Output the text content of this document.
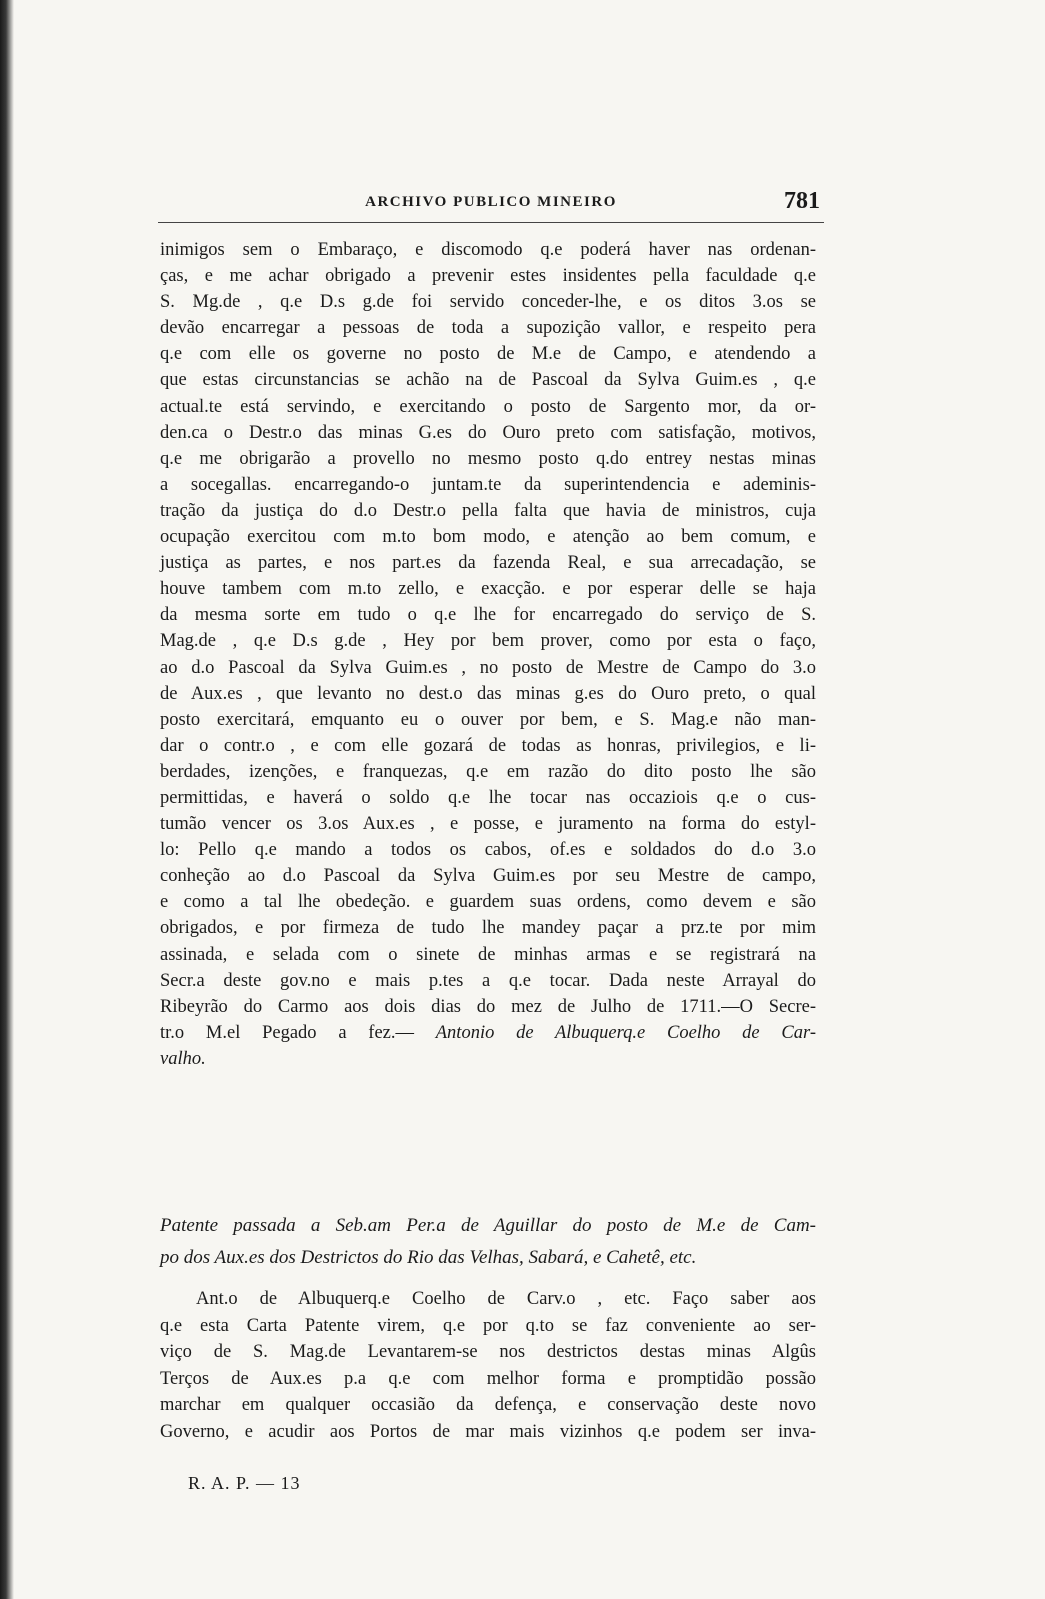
ARCHIVO PUBLICO MINEIRO	781
inimigos sem o Embaraço, e discomodo q.e poderá haver nas ordenan-
ças, e me achar obrigado a prevenir estes insidentes pella faculdade q.e
S. Mg.de , q.e D.s g.de foi servido conceder-lhe, e os ditos 3.os se
devão encarregar a pessoas de toda a supozição vallor, e respeito pera
q.e com elle os governe no posto de M.e de Campo, e atendendo a
que estas circunstancias se achão na de Pascoal da Sylva Guim.es , q.e
actual.te está servindo, e exercitando o posto de Sargento mor, da or-
den.ca o Destr.o das minas G.es do Ouro preto com satisfação, motivos,
q.e me obrigarão a provello no mesmo posto q.do entrey nestas minas
a socegallas. encarregando-o juntam.te da superintendencia e ademinis-
tração da justiça do d.o Destr.o pella falta que havia de ministros, cuja
ocupação exercitou com m.to bom modo, e atenção ao bem comum, e
justiça as partes, e nos part.es da fazenda Real, e sua arrecadação, se
houve tambem com m.to zello, e exacção. e por esperar delle se haja
da mesma sorte em tudo o q.e lhe for encarregado do serviço de S.
Mag.de , q.e D.s g.de , Hey por bem prover, como por esta o faço,
ao d.o Pascoal da Sylva Guim.es , no posto de Mestre de Campo do 3.o
de Aux.es , que levanto no dest.o das minas g.es do Ouro preto, o qual
posto exercitará, emquanto eu o ouver por bem, e S. Mag.e não man-
dar o contr.o , e com elle gozará de todas as honras, privilegios, e li-
berdades, izenções, e franquezas, q.e em razão do dito posto lhe são
permittidas, e haverá o soldo q.e lhe tocar nas occaziois q.e o cus-
tumão vencer os 3.os Aux.es , e posse, e juramento na forma do estyl-
lo: Pello q.e mando a todos os cabos, of.es e soldados do d.o 3.o
conheção ao d.o Pascoal da Sylva Guim.es por seu Mestre de campo,
e como a tal lhe obedeção. e guardem suas ordens, como devem e são
obrigados, e por firmeza de tudo lhe mandey paçar a prz.te por mim
assinada, e selada com o sinete de minhas armas e se registrará na
Secr.a deste gov.no e mais p.tes a q.e tocar. Dada neste Arrayal do
Ribeyrão do Carmo aos dois dias do mez de Julho de 1711.—O Secre-
tr.o M.el Pegado a fez.— Antonio de Albuquerq.e Coelho de Car-
valho.
Patente passada a Seb.am Per.a de Aguillar do posto de M.e de Cam-
po dos Aux.es dos Destrictos do Rio das Velhas, Sabará, e Cahetê, etc.
Ant.o de Albuquerq.e Coelho de Carv.o , etc. Faço saber aos
q.e esta Carta Patente virem, q.e por q.to se faz conveniente ao ser-
viço de S. Mag.de Levantarem-se nos destrictos destas minas Algûs
Terços de Aux.es p.a q.e com melhor forma e promptidão possão
marchar em qualquer occasião da defença, e conservação deste novo
Governo, e acudir aos Portos de mar mais vizinhos q.e podem ser inva-
R. A. P. — 13
